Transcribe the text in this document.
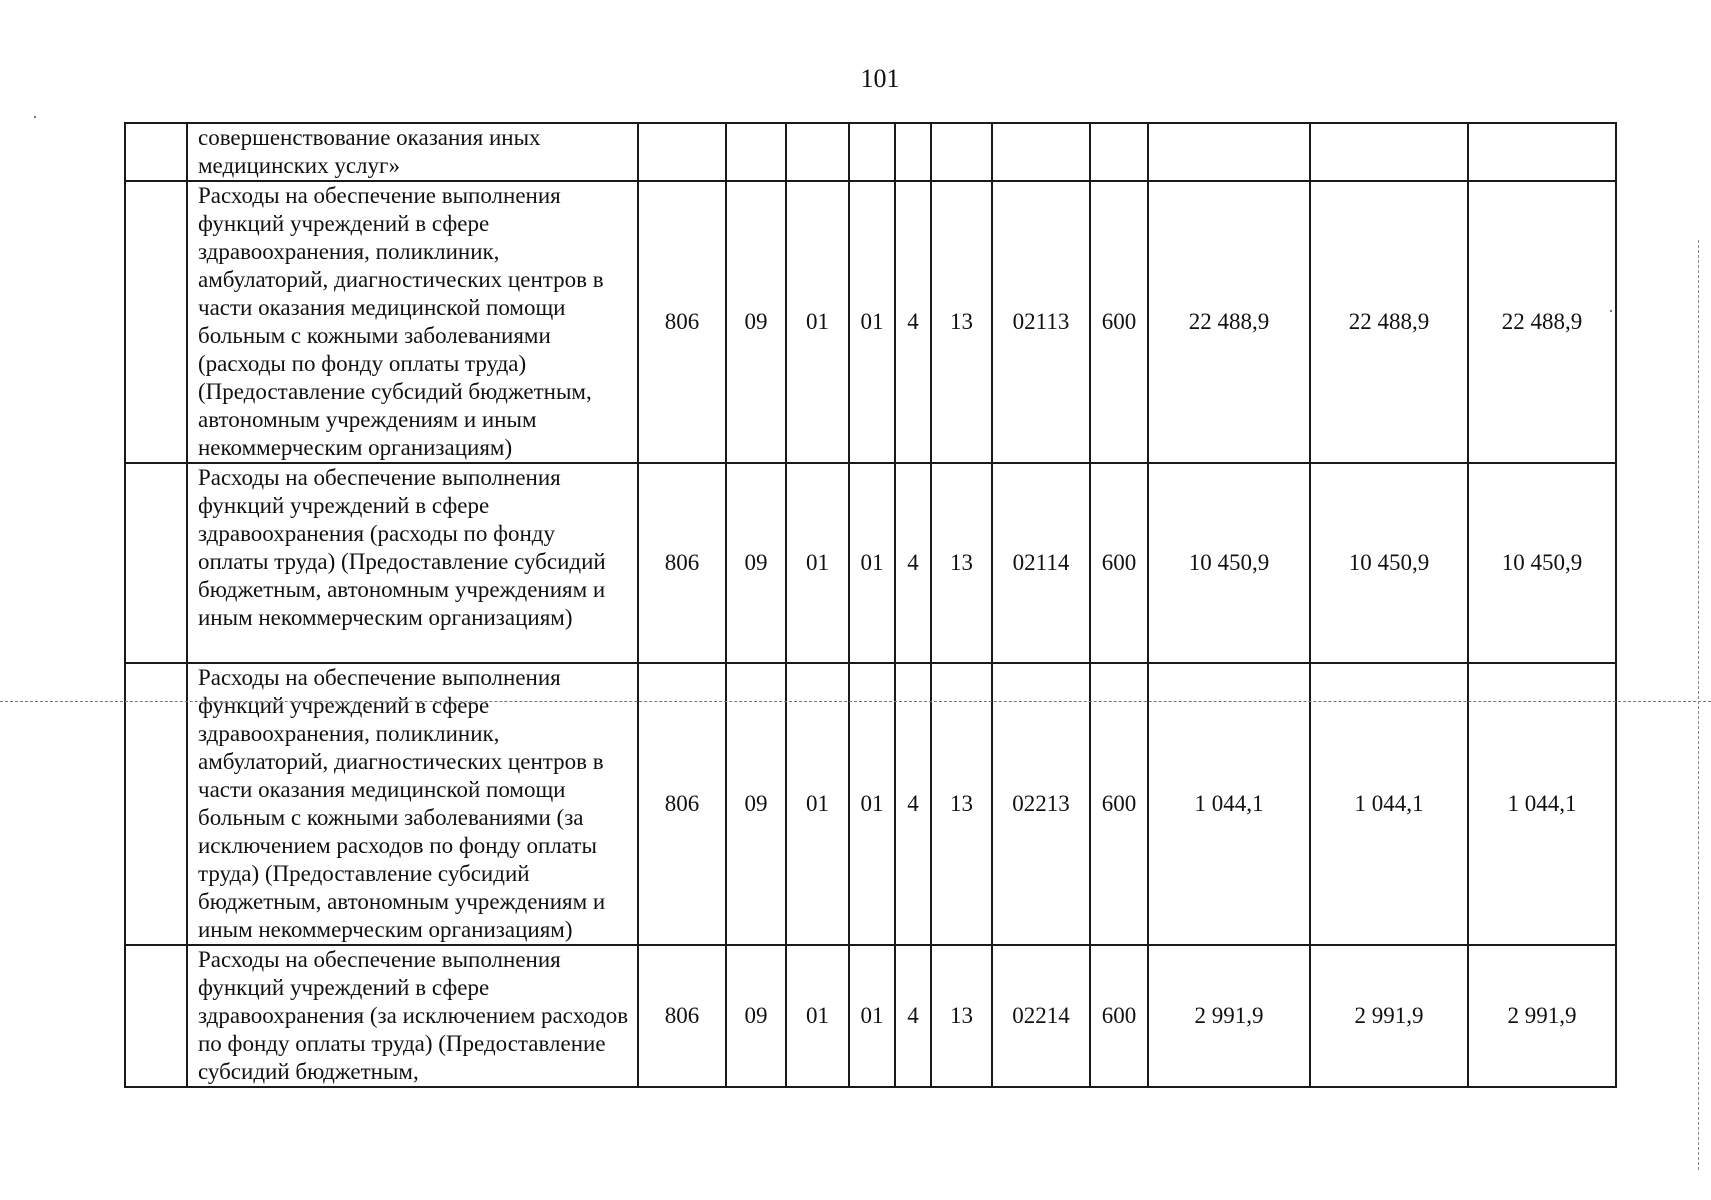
101
	совершенствование оказания иных медицинских услуг»											
	Расходы на обеспечение выполнения функций учреждений в сфере здравоохранения, поликлиник, амбулаторий, диагностических центров в части оказания медицинской помощи больным с кожными заболеваниями (расходы по фонду оплаты труда) (Предоставление субсидий бюджетным, автономным учреждениям и иным некоммерческим организациям)	806	09	01	01	4	13	02113	600	22 488,9	22 488,9	22 488,9
	Расходы на обеспечение выполнения функций учреждений в сфере здравоохранения (расходы по фонду оплаты труда) (Предоставление субсидий бюджетным, автономным учреждениям и иным некоммерческим организациям)	806	09	01	01	4	13	02114	600	10 450,9	10 450,9	10 450,9
	Расходы на обеспечение выполнения функций учреждений в сфере здравоохранения, поликлиник, амбулаторий, диагностических центров в части оказания медицинской помощи больным с кожными заболеваниями (за исключением расходов по фонду оплаты труда) (Предоставление субсидий бюджетным, автономным учреждениям и иным некоммерческим организациям)	806	09	01	01	4	13	02213	600	1 044,1	1 044,1	1 044,1
	Расходы на обеспечение выполнения функций учреждений в сфере здравоохранения (за исключением расходов по фонду оплаты труда) (Предоставление субсидий бюджетным,	806	09	01	01	4	13	02214	600	2 991,9	2 991,9	2 991,9
